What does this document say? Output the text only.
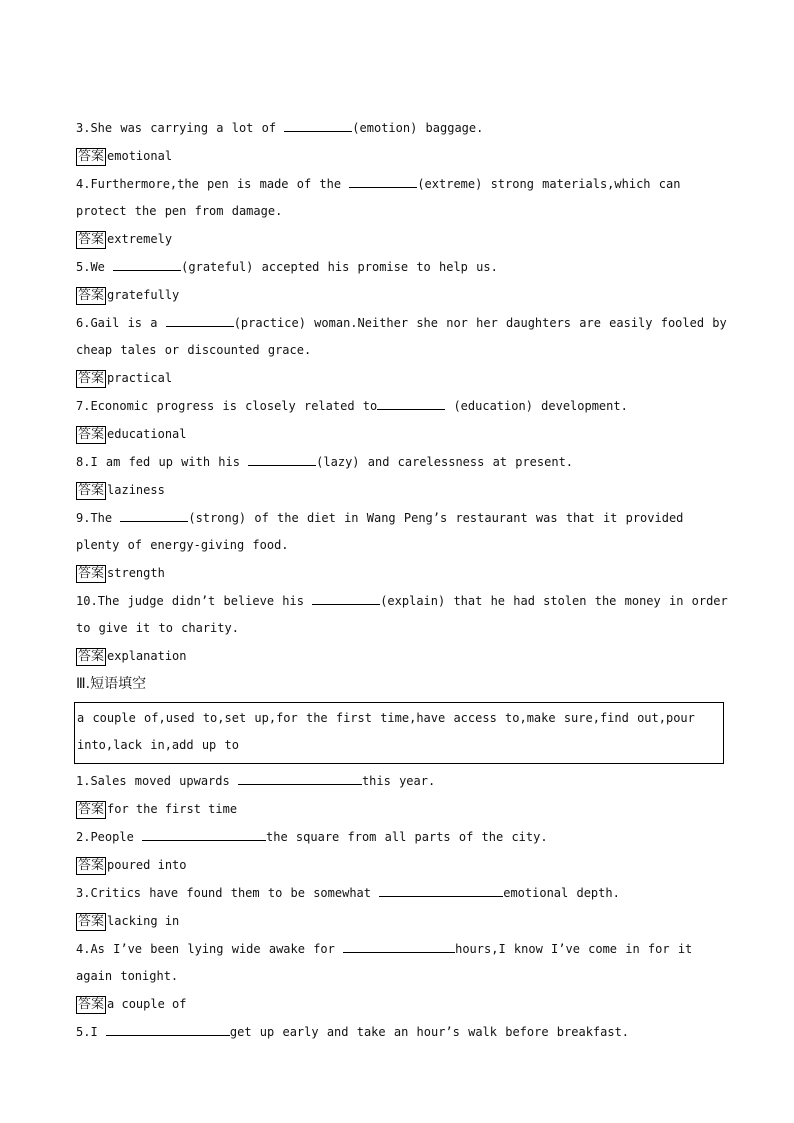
3.She was carrying a lot of	(emotion) baggage.
答案 emotional
4.Furthermore,the pen is made of the	(extreme) strong materials,which can protect the pen from damage.
答案 extremely
5.We	(grateful) accepted his promise to help us.
答案 gratefully
6.Gail is a	(practice) woman.Neither she nor her daughters are easily fooled by cheap tales or discounted grace.
答案 practical
7.Economic progress is closely related to	(education) development.
答案 educational
8.I am fed up with his	(lazy) and carelessness at present.
答案 laziness
9.The	(strong) of the diet in Wang Peng’s restaurant was that it provided plenty of energy-giving food.
答案 strength
10.The judge didn’t believe his	(explain) that he had stolen the money in order to give it to charity.
答案 explanation
Ⅲ.短语填空
a couple of,used to,set up,for the first time,have access to,make sure,find out,pour into,lack in,add up to
1.Sales moved upwards	this year.
答案 for the first time
2.People	the square from all parts of the city.
答案 poured into
3.Critics have found them to be somewhat	emotional depth.
答案 lacking in
4.As I’ve been lying wide awake for	hours,I know I’ve come in for it again tonight.
答案 a couple of
5.I	get up early and take an hour’s walk before breakfast.
